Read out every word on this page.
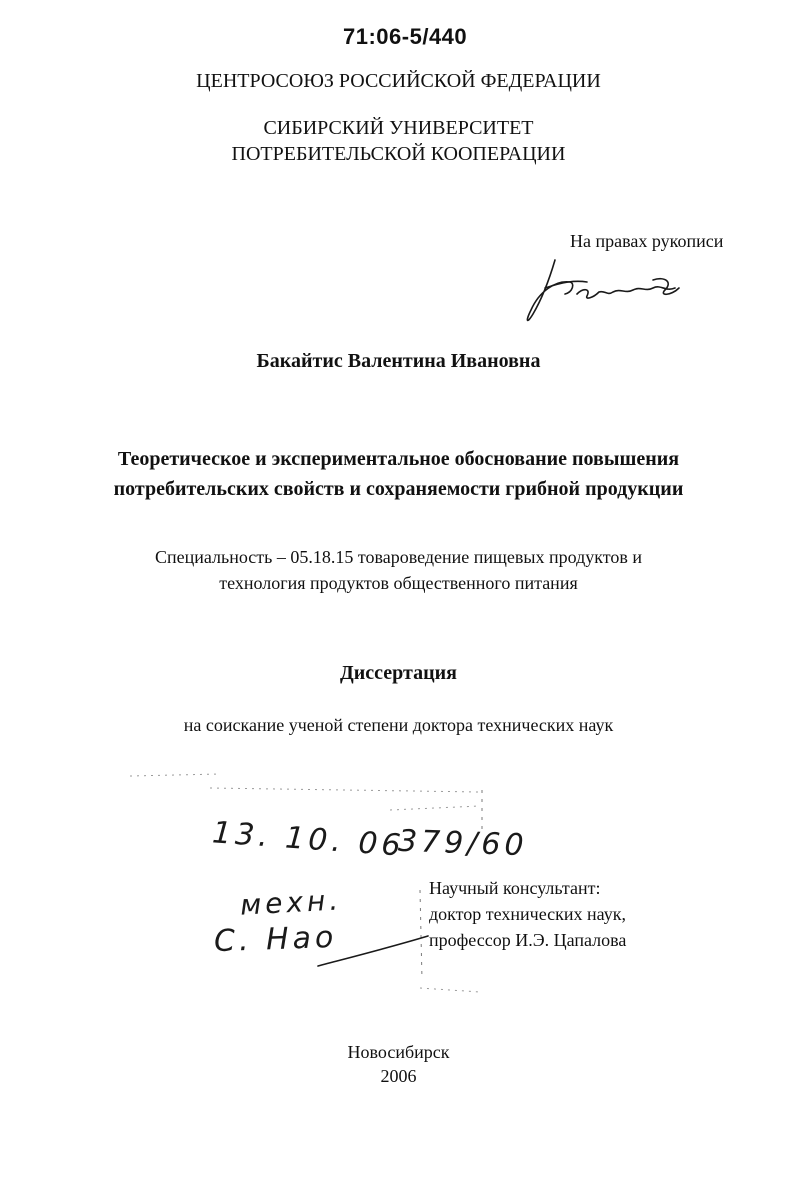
71:06-5/440
ЦЕНТРОСОЮЗ РОССИЙСКОЙ ФЕДЕРАЦИИ
СИБИРСКИЙ УНИВЕРСИТЕТ
ПОТРЕБИТЕЛЬСКОЙ КООПЕРАЦИИ
На правах рукописи
Бакайтис Валентина Ивановна
Теоретическое и экспериментальное обоснование повышения
потребительских свойств и сохраняемости грибной продукции
Специальность – 05.18.15 товароведение пищевых продуктов и
технология продуктов общественного питания
Диссертация
на соискание ученой степени доктора технических наук
13. 10. 06
379/60
мехн.
С. Нао
Научный консультант:
доктор технических наук,
профессор И.Э. Цапалова
Новосибирск
2006
